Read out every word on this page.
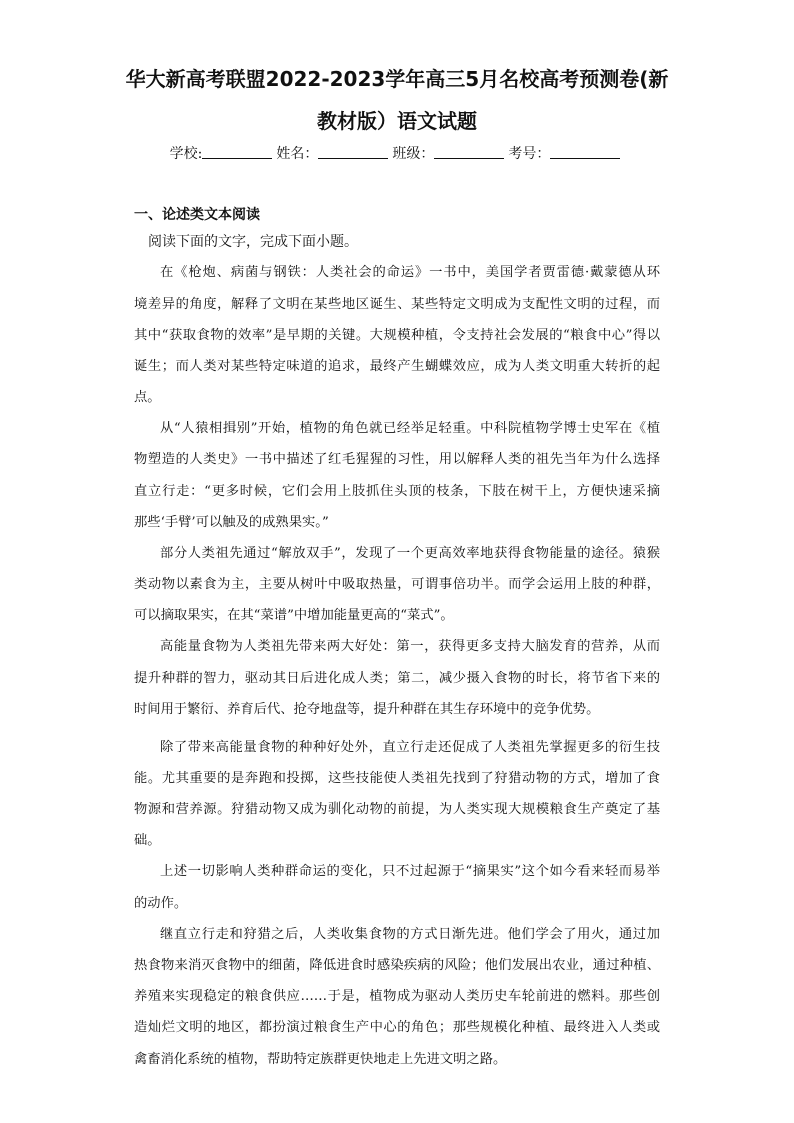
华大新高考联盟2022-2023学年高三5月名校高考预测卷(新
教材版）语文试题
学校:	姓名：	班级：	考号：
一、论述类文本阅读
阅读下面的文字，完成下面小题。
在《枪炮、病菌与钢铁：人类社会的命运》一书中，美国学者贾雷德·戴蒙德从环
境差异的角度，解释了文明在某些地区诞生、某些特定文明成为支配性文明的过程，而
其中“获取食物的效率”是早期的关键。大规模种植，令支持社会发展的“粮食中心”得以
诞生；而人类对某些特定味道的追求，最终产生蝴蝶效应，成为人类文明重大转折的起
点。
从“人猿相揖别”开始，植物的角色就已经举足轻重。中科院植物学博士史军在《植
物塑造的人类史》一书中描述了红毛猩猩的习性，用以解释人类的祖先当年为什么选择
直立行走：“更多时候，它们会用上肢抓住头顶的枝条，下肢在树干上，方便快速采摘
那些‘手臂’可以触及的成熟果实。”
部分人类祖先通过“解放双手”，发现了一个更高效率地获得食物能量的途径。猿猴
类动物以素食为主，主要从树叶中吸取热量，可谓事倍功半。而学会运用上肢的种群，
可以摘取果实，在其“菜谱”中增加能量更高的“菜式”。
高能量食物为人类祖先带来两大好处：第一，获得更多支持大脑发育的营养，从而
提升种群的智力，驱动其日后进化成人类；第二，减少摄入食物的时长，将节省下来的
时间用于繁衍、养育后代、抢夺地盘等，提升种群在其生存环境中的竞争优势。
除了带来高能量食物的种种好处外，直立行走还促成了人类祖先掌握更多的衍生技
能。尤其重要的是奔跑和投掷，这些技能使人类祖先找到了狩猎动物的方式，增加了食
物源和营养源。狩猎动物又成为驯化动物的前提，为人类实现大规模粮食生产奠定了基
础。
上述一切影响人类种群命运的变化，只不过起源于“摘果实”这个如今看来轻而易举
的动作。
继直立行走和狩猎之后，人类收集食物的方式日渐先进。他们学会了用火，通过加
热食物来消灭食物中的细菌，降低进食时感染疾病的风险；他们发展出农业，通过种植、
养殖来实现稳定的粮食供应……于是，植物成为驱动人类历史车轮前进的燃料。那些创
造灿烂文明的地区，都扮演过粮食生产中心的角色；那些规模化种植、最终进入人类或
禽畜消化系统的植物，帮助特定族群更快地走上先进文明之路。
